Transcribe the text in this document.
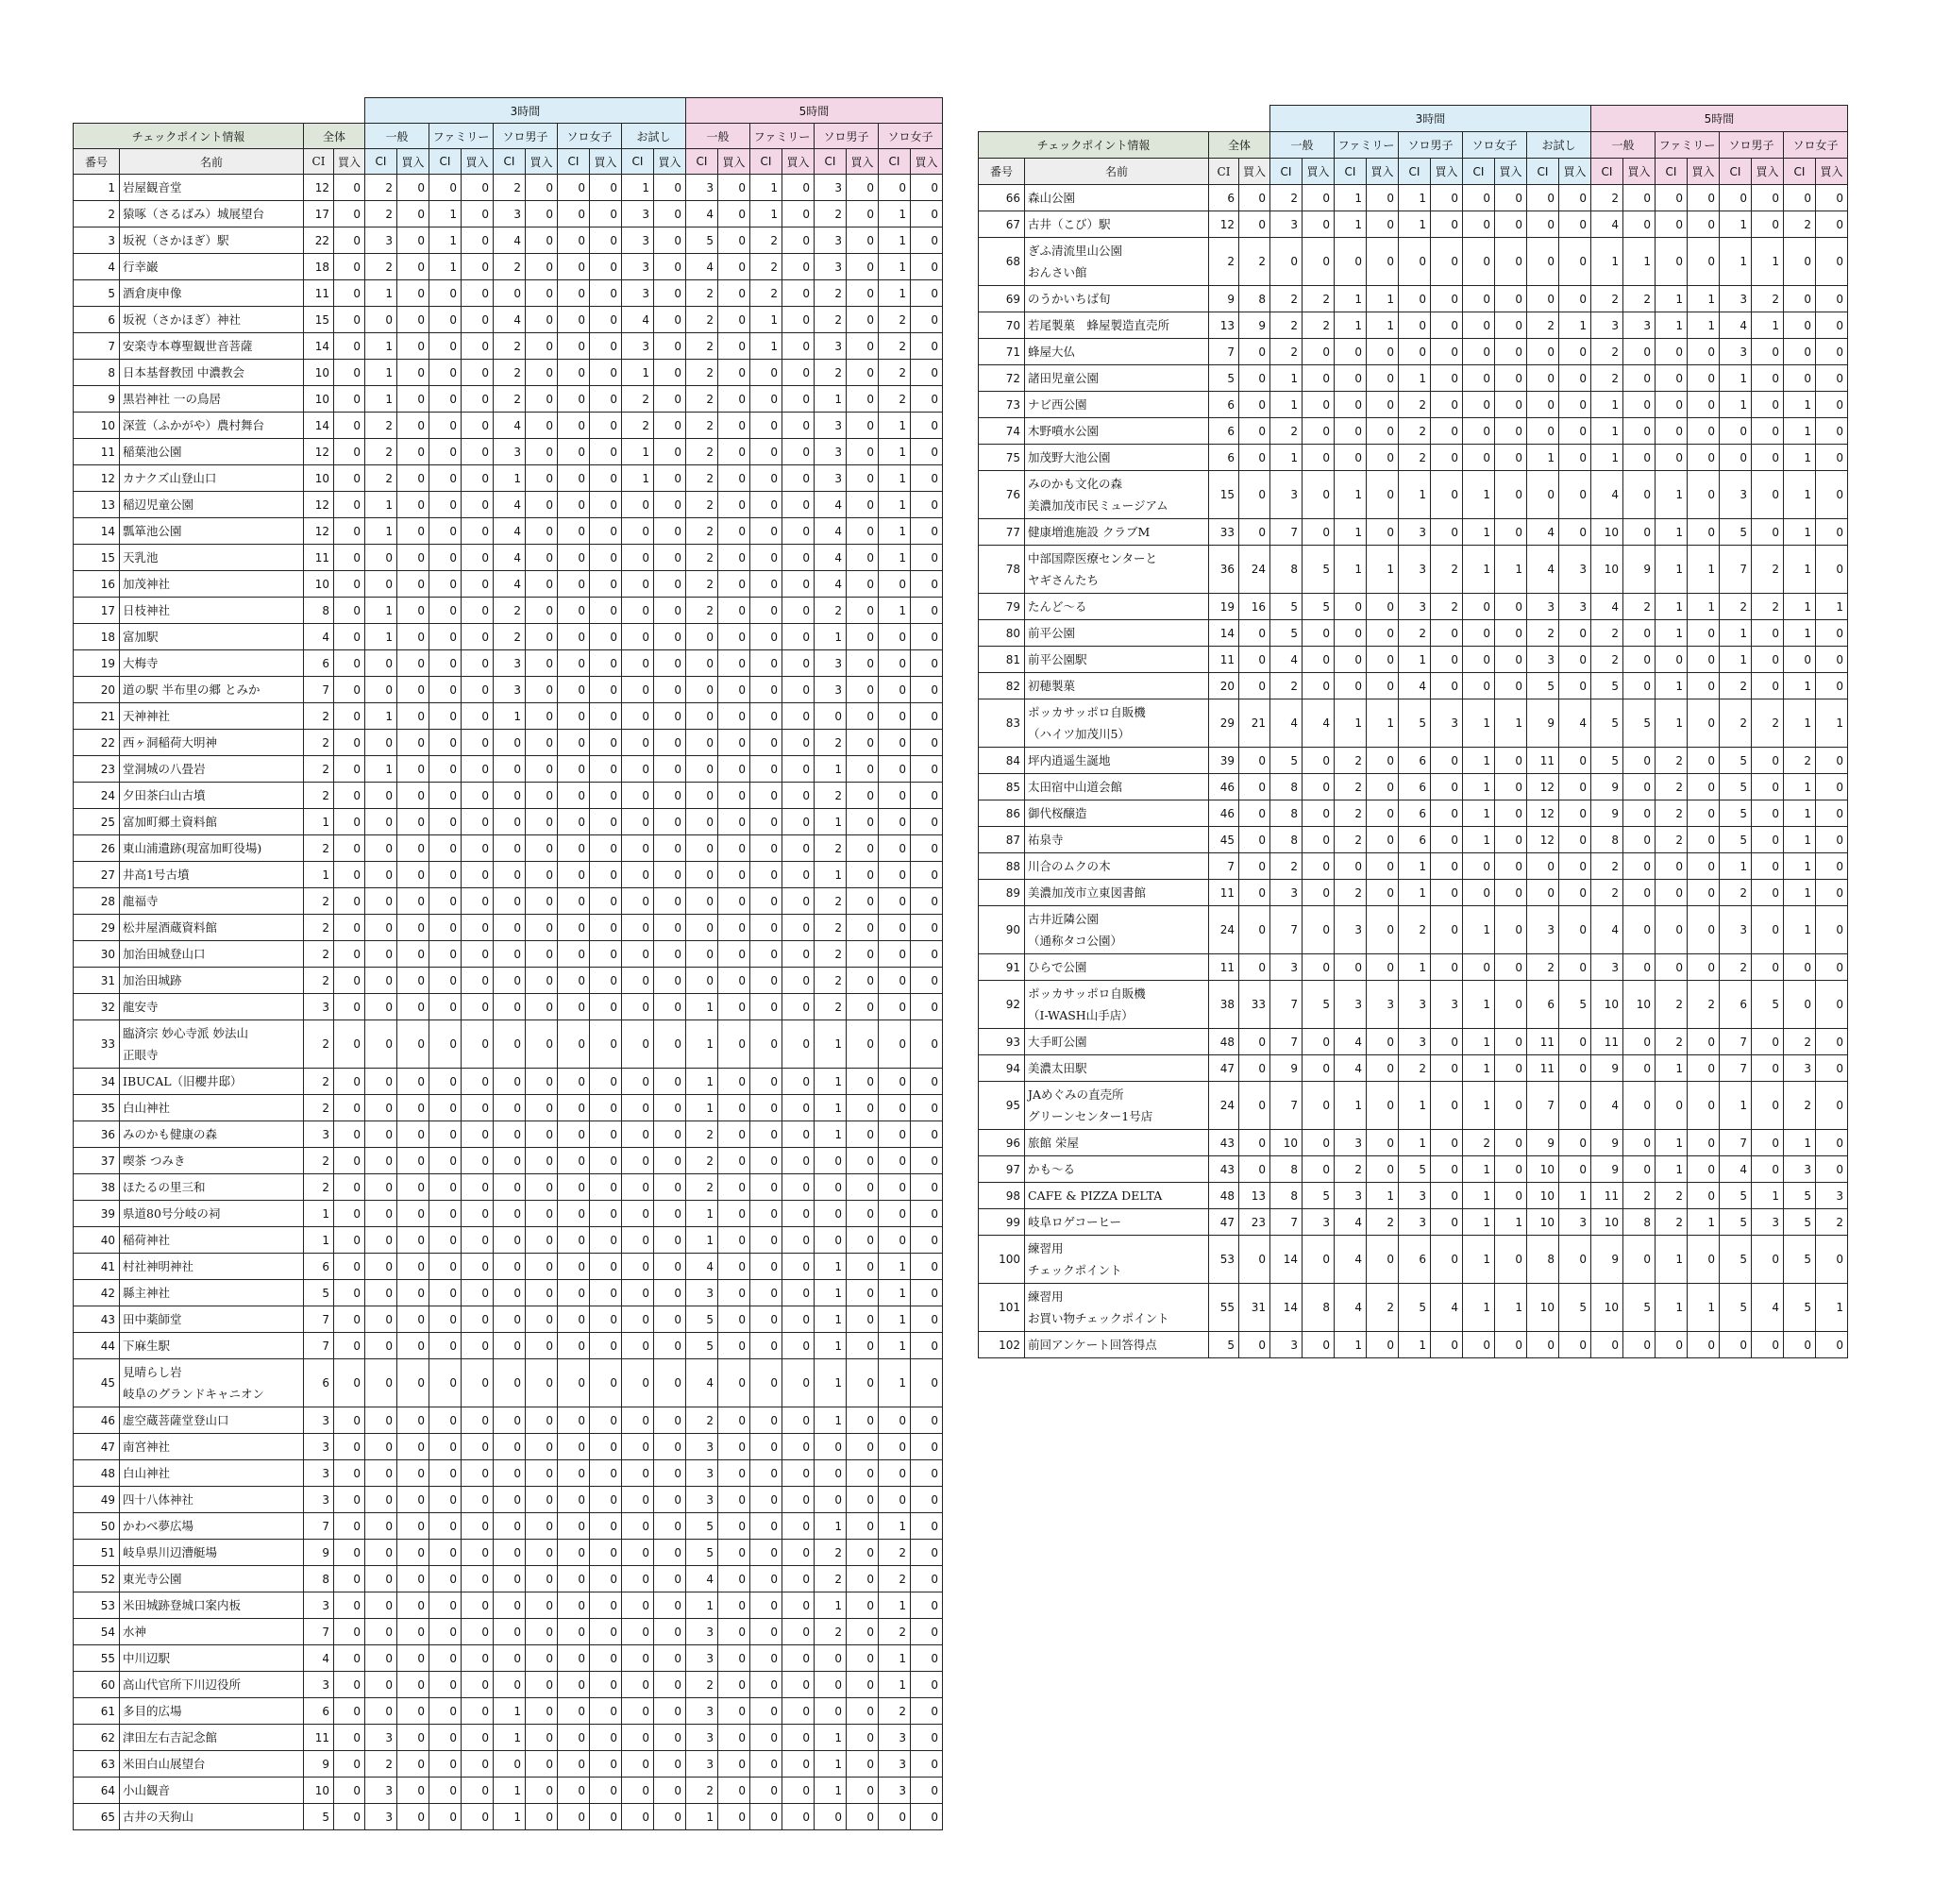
				3時間										5時間							
チェックポイント情報		全体		一般		ファミリー		ソロ男子		ソロ女子		お試し		一般		ファミリー		ソロ男子		ソロ女子	
番号	名前	CI	買入	CI	買入	CI	買入	CI	買入	CI	買入	CI	買入	CI	買入	CI	買入	CI	買入	CI	買入
1	岩屋観音堂	12	0	2	0	0	0	2	0	0	0	1	0	3	0	1	0	3	0	0	0
2	猿啄（さるばみ）城展望台	17	0	2	0	1	0	3	0	0	0	3	0	4	0	1	0	2	0	1	0
3	坂祝（さかほぎ）駅	22	0	3	0	1	0	4	0	0	0	3	0	5	0	2	0	3	0	1	0
4	行幸巌	18	0	2	0	1	0	2	0	0	0	3	0	4	0	2	0	3	0	1	0
5	酒倉庚申像	11	0	1	0	0	0	0	0	0	0	3	0	2	0	2	0	2	0	1	0
6	坂祝（さかほぎ）神社	15	0	0	0	0	0	4	0	0	0	4	0	2	0	1	0	2	0	2	0
7	安楽寺本尊聖観世音菩薩	14	0	1	0	0	0	2	0	0	0	3	0	2	0	1	0	3	0	2	0
8	日本基督教団 中濃教会	10	0	1	0	0	0	2	0	0	0	1	0	2	0	0	0	2	0	2	0
9	黒岩神社 一の鳥居	10	0	1	0	0	0	2	0	0	0	2	0	2	0	0	0	1	0	2	0
10	深萱（ふかがや）農村舞台	14	0	2	0	0	0	4	0	0	0	2	0	2	0	0	0	3	0	1	0
11	稲葉池公園	12	0	2	0	0	0	3	0	0	0	1	0	2	0	0	0	3	0	1	0
12	カナクズ山登山口	10	0	2	0	0	0	1	0	0	0	1	0	2	0	0	0	3	0	1	0
13	稲辺児童公園	12	0	1	0	0	0	4	0	0	0	0	0	2	0	0	0	4	0	1	0
14	瓢箪池公園	12	0	1	0	0	0	4	0	0	0	0	0	2	0	0	0	4	0	1	0
15	天乳池	11	0	0	0	0	0	4	0	0	0	0	0	2	0	0	0	4	0	1	0
16	加茂神社	10	0	0	0	0	0	4	0	0	0	0	0	2	0	0	0	4	0	0	0
17	日枝神社	8	0	1	0	0	0	2	0	0	0	0	0	2	0	0	0	2	0	1	0
18	富加駅	4	0	1	0	0	0	2	0	0	0	0	0	0	0	0	0	1	0	0	0
19	大梅寺	6	0	0	0	0	0	3	0	0	0	0	0	0	0	0	0	3	0	0	0
20	道の駅 半布里の郷 とみか	7	0	0	0	0	0	3	0	0	0	0	0	0	0	0	0	3	0	0	0
21	天神神社	2	0	1	0	0	0	1	0	0	0	0	0	0	0	0	0	0	0	0	0
22	西ヶ洞稲荷大明神	2	0	0	0	0	0	0	0	0	0	0	0	0	0	0	0	2	0	0	0
23	堂洞城の八畳岩	2	0	1	0	0	0	0	0	0	0	0	0	0	0	0	0	1	0	0	0
24	夕田茶臼山古墳	2	0	0	0	0	0	0	0	0	0	0	0	0	0	0	0	2	0	0	0
25	富加町郷土資料館	1	0	0	0	0	0	0	0	0	0	0	0	0	0	0	0	1	0	0	0
26	東山浦遺跡(現富加町役場)	2	0	0	0	0	0	0	0	0	0	0	0	0	0	0	0	2	0	0	0
27	井高1号古墳	1	0	0	0	0	0	0	0	0	0	0	0	0	0	0	0	1	0	0	0
28	龍福寺	2	0	0	0	0	0	0	0	0	0	0	0	0	0	0	0	2	0	0	0
29	松井屋酒蔵資料館	2	0	0	0	0	0	0	0	0	0	0	0	0	0	0	0	2	0	0	0
30	加治田城登山口	2	0	0	0	0	0	0	0	0	0	0	0	0	0	0	0	2	0	0	0
31	加治田城跡	2	0	0	0	0	0	0	0	0	0	0	0	0	0	0	0	2	0	0	0
32	龍安寺	3	0	0	0	0	0	0	0	0	0	0	0	1	0	0	0	2	0	0	0
33	臨済宗 妙心寺派 妙法山
正眼寺	2	0	0	0	0	0	0	0	0	0	0	0	1	0	0	0	1	0	0	0
34	IBUCAL（旧櫻井邸）	2	0	0	0	0	0	0	0	0	0	0	0	1	0	0	0	1	0	0	0
35	白山神社	2	0	0	0	0	0	0	0	0	0	0	0	1	0	0	0	1	0	0	0
36	みのかも健康の森	3	0	0	0	0	0	0	0	0	0	0	0	2	0	0	0	1	0	0	0
37	喫茶 つみき	2	0	0	0	0	0	0	0	0	0	0	0	2	0	0	0	0	0	0	0
38	ほたるの里三和	2	0	0	0	0	0	0	0	0	0	0	0	2	0	0	0	0	0	0	0
39	県道80号分岐の祠	1	0	0	0	0	0	0	0	0	0	0	0	1	0	0	0	0	0	0	0
40	稲荷神社	1	0	0	0	0	0	0	0	0	0	0	0	1	0	0	0	0	0	0	0
41	村社神明神社	6	0	0	0	0	0	0	0	0	0	0	0	4	0	0	0	1	0	1	0
42	縣主神社	5	0	0	0	0	0	0	0	0	0	0	0	3	0	0	0	1	0	1	0
43	田中薬師堂	7	0	0	0	0	0	0	0	0	0	0	0	5	0	0	0	1	0	1	0
44	下麻生駅	7	0	0	0	0	0	0	0	0	0	0	0	5	0	0	0	1	0	1	0
45	見晴らし岩
岐阜のグランドキャニオン	6	0	0	0	0	0	0	0	0	0	0	0	4	0	0	0	1	0	1	0
46	虚空蔵菩薩堂登山口	3	0	0	0	0	0	0	0	0	0	0	0	2	0	0	0	1	0	0	0
47	南宮神社	3	0	0	0	0	0	0	0	0	0	0	0	3	0	0	0	0	0	0	0
48	白山神社	3	0	0	0	0	0	0	0	0	0	0	0	3	0	0	0	0	0	0	0
49	四十八体神社	3	0	0	0	0	0	0	0	0	0	0	0	3	0	0	0	0	0	0	0
50	かわべ夢広場	7	0	0	0	0	0	0	0	0	0	0	0	5	0	0	0	1	0	1	0
51	岐阜県川辺漕艇場	9	0	0	0	0	0	0	0	0	0	0	0	5	0	0	0	2	0	2	0
52	東光寺公園	8	0	0	0	0	0	0	0	0	0	0	0	4	0	0	0	2	0	2	0
53	米田城跡登城口案内板	3	0	0	0	0	0	0	0	0	0	0	0	1	0	0	0	1	0	1	0
54	水神	7	0	0	0	0	0	0	0	0	0	0	0	3	0	0	0	2	0	2	0
55	中川辺駅	4	0	0	0	0	0	0	0	0	0	0	0	3	0	0	0	0	0	1	0
60	高山代官所下川辺役所	3	0	0	0	0	0	0	0	0	0	0	0	2	0	0	0	0	0	1	0
61	多目的広場	6	0	0	0	0	0	1	0	0	0	0	0	3	0	0	0	0	0	2	0
62	津田左右吉記念館	11	0	3	0	0	0	1	0	0	0	0	0	3	0	0	0	1	0	3	0
63	米田白山展望台	9	0	2	0	0	0	0	0	0	0	0	0	3	0	0	0	1	0	3	0
64	小山観音	10	0	3	0	0	0	1	0	0	0	0	0	2	0	0	0	1	0	3	0
65	古井の天狗山	5	0	3	0	0	0	1	0	0	0	0	0	1	0	0	0	0	0	0	0
				3時間										5時間							
チェックポイント情報		全体		一般		ファミリー		ソロ男子		ソロ女子		お試し		一般		ファミリー		ソロ男子		ソロ女子	
番号	名前	CI	買入	CI	買入	CI	買入	CI	買入	CI	買入	CI	買入	CI	買入	CI	買入	CI	買入	CI	買入
66	森山公園	6	0	2	0	1	0	1	0	0	0	0	0	2	0	0	0	0	0	0	0
67	古井（こび）駅	12	0	3	0	1	0	1	0	0	0	0	0	4	0	0	0	1	0	2	0
68	ぎふ清流里山公園
おんさい館	2	2	0	0	0	0	0	0	0	0	0	0	1	1	0	0	1	1	0	0
69	のうかいちば旬	9	8	2	2	1	1	0	0	0	0	0	0	2	2	1	1	3	2	0	0
70	若尾製菓　蜂屋製造直売所	13	9	2	2	1	1	0	0	0	0	2	1	3	3	1	1	4	1	0	0
71	蜂屋大仏	7	0	2	0	0	0	0	0	0	0	0	0	2	0	0	0	3	0	0	0
72	諸田児童公園	5	0	1	0	0	0	1	0	0	0	0	0	2	0	0	0	1	0	0	0
73	ナビ西公園	6	0	1	0	0	0	2	0	0	0	0	0	1	0	0	0	1	0	1	0
74	木野噴水公園	6	0	2	0	0	0	2	0	0	0	0	0	1	0	0	0	0	0	1	0
75	加茂野大池公園	6	0	1	0	0	0	2	0	0	0	1	0	1	0	0	0	0	0	1	0
76	みのかも文化の森
美濃加茂市民ミュージアム	15	0	3	0	1	0	1	0	1	0	0	0	4	0	1	0	3	0	1	0
77	健康増進施設 クラブM	33	0	7	0	1	0	3	0	1	0	4	0	10	0	1	0	5	0	1	0
78	中部国際医療センターと
ヤギさんたち	36	24	8	5	1	1	3	2	1	1	4	3	10	9	1	1	7	2	1	0
79	たんど～る	19	16	5	5	0	0	3	2	0	0	3	3	4	2	1	1	2	2	1	1
80	前平公園	14	0	5	0	0	0	2	0	0	0	2	0	2	0	1	0	1	0	1	0
81	前平公園駅	11	0	4	0	0	0	1	0	0	0	3	0	2	0	0	0	1	0	0	0
82	初穂製菓	20	0	2	0	0	0	4	0	0	0	5	0	5	0	1	0	2	0	1	0
83	ポッカサッポロ自販機
（ハイツ加茂川5）	29	21	4	4	1	1	5	3	1	1	9	4	5	5	1	0	2	2	1	1
84	坪内逍遥生誕地	39	0	5	0	2	0	6	0	1	0	11	0	5	0	2	0	5	0	2	0
85	太田宿中山道会館	46	0	8	0	2	0	6	0	1	0	12	0	9	0	2	0	5	0	1	0
86	御代桜醸造	46	0	8	0	2	0	6	0	1	0	12	0	9	0	2	0	5	0	1	0
87	祐泉寺	45	0	8	0	2	0	6	0	1	0	12	0	8	0	2	0	5	0	1	0
88	川合のムクの木	7	0	2	0	0	0	1	0	0	0	0	0	2	0	0	0	1	0	1	0
89	美濃加茂市立東図書館	11	0	3	0	2	0	1	0	0	0	0	0	2	0	0	0	2	0	1	0
90	古井近隣公園
（通称タコ公園）	24	0	7	0	3	0	2	0	1	0	3	0	4	0	0	0	3	0	1	0
91	ひらで公園	11	0	3	0	0	0	1	0	0	0	2	0	3	0	0	0	2	0	0	0
92	ポッカサッポロ自販機
（I-WASH山手店）	38	33	7	5	3	3	3	3	1	0	6	5	10	10	2	2	6	5	0	0
93	大手町公園	48	0	7	0	4	0	3	0	1	0	11	0	11	0	2	0	7	0	2	0
94	美濃太田駅	47	0	9	0	4	0	2	0	1	0	11	0	9	0	1	0	7	0	3	0
95	JAめぐみの直売所
グリーンセンター1号店	24	0	7	0	1	0	1	0	1	0	7	0	4	0	0	0	1	0	2	0
96	旅館 栄屋	43	0	10	0	3	0	1	0	2	0	9	0	9	0	1	0	7	0	1	0
97	かも～る	43	0	8	0	2	0	5	0	1	0	10	0	9	0	1	0	4	0	3	0
98	CAFE & PIZZA DELTA	48	13	8	5	3	1	3	0	1	0	10	1	11	2	2	0	5	1	5	3
99	岐阜ロゲコーヒー	47	23	7	3	4	2	3	0	1	1	10	3	10	8	2	1	5	3	5	2
100	練習用
チェックポイント	53	0	14	0	4	0	6	0	1	0	8	0	9	0	1	0	5	0	5	0
101	練習用
お買い物チェックポイント	55	31	14	8	4	2	5	4	1	1	10	5	10	5	1	1	5	4	5	1
102	前回アンケート回答得点	5	0	3	0	1	0	1	0	0	0	0	0	0	0	0	0	0	0	0	0
